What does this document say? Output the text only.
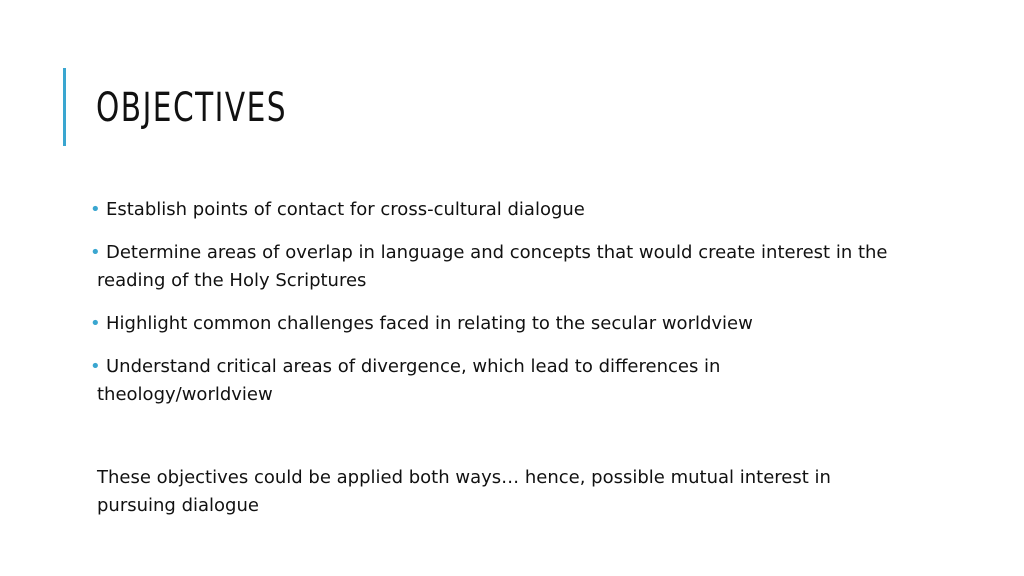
OBJECTIVES
• Establish points of contact for cross-cultural dialogue
• Determine areas of overlap in language and concepts that would create interest in the reading of the Holy Scriptures
• Highlight common challenges faced in relating to the secular worldview
• Understand critical areas of divergence, which lead to differences in theology/worldview

These objectives could be applied both ways… hence, possible mutual interest in pursuing dialogue
